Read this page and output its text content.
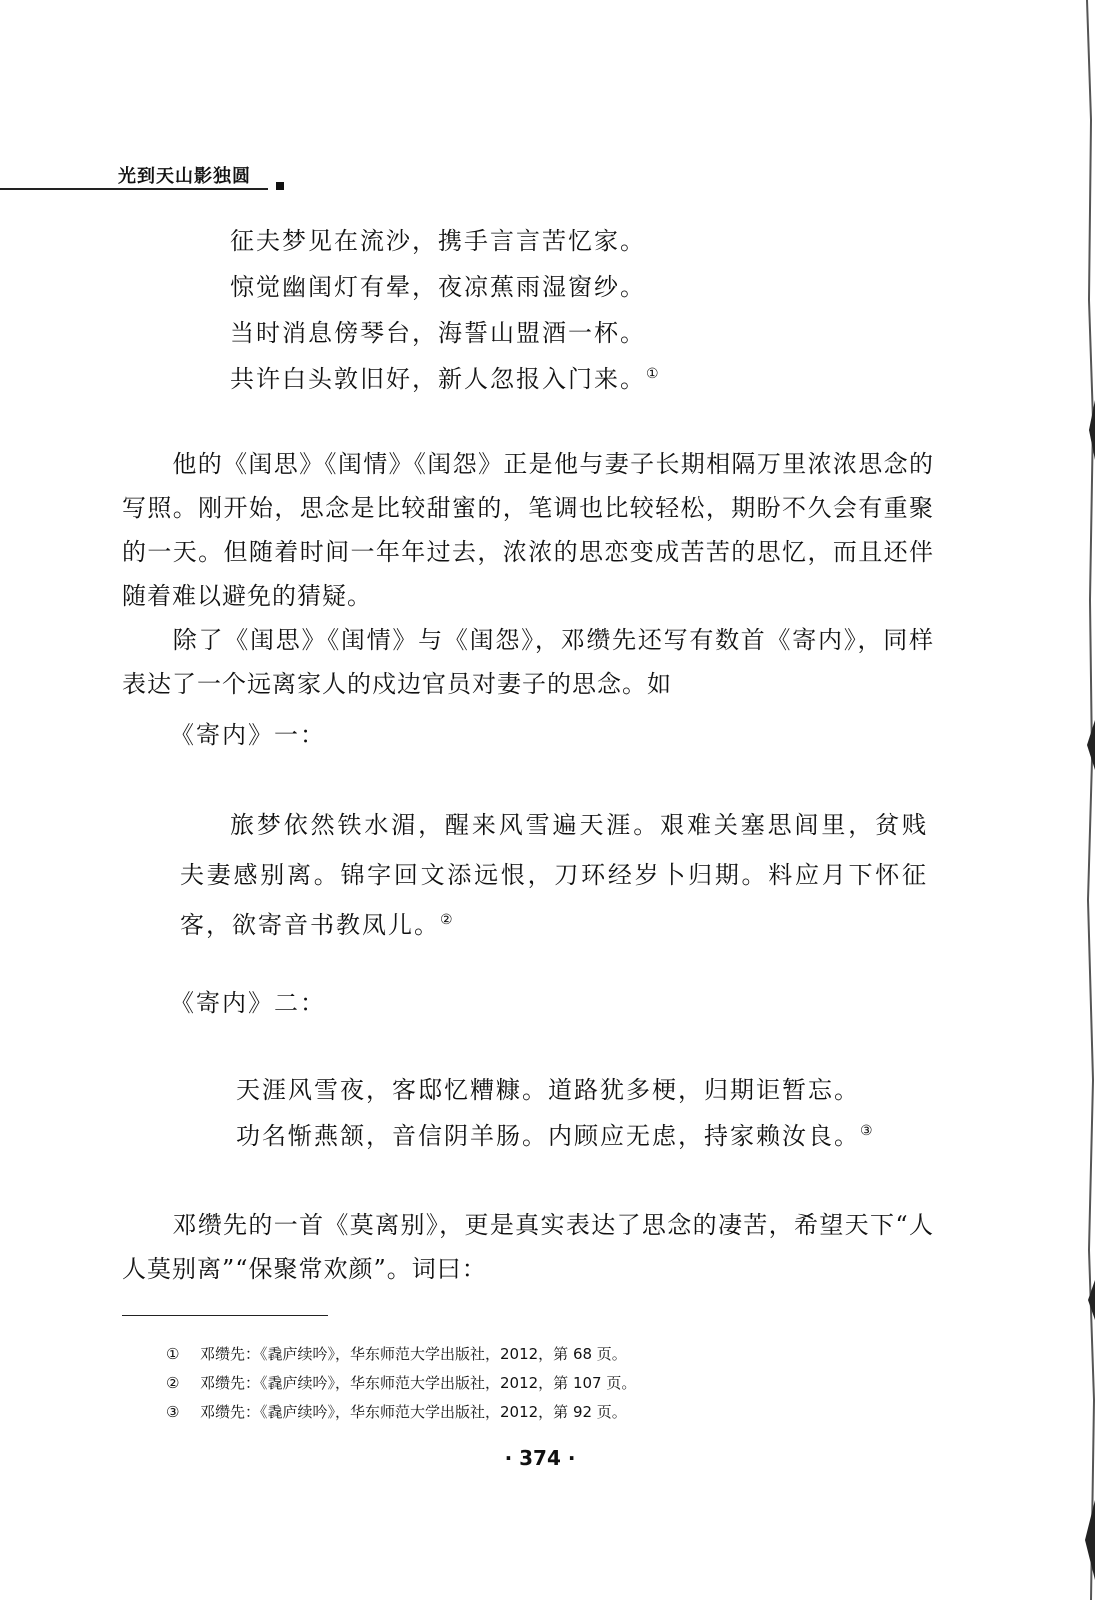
光到天山影独圆
征夫梦见在流沙，携手言言苦忆家。
惊觉幽闺灯有晕，夜凉蕉雨湿窗纱。
当时消息傍琴台，海誓山盟酒一杯。
共许白头敦旧好，新人忽报入门来。①
他的《闺思》《闺情》《闺怨》正是他与妻子长期相隔万里浓浓思念的写照。刚开始，思念是比较甜蜜的，笔调也比较轻松，期盼不久会有重聚的一天。但随着时间一年年过去，浓浓的思恋变成苦苦的思忆，而且还伴随着难以避免的猜疑。
除了《闺思》《闺情》与《闺怨》，邓缵先还写有数首《寄内》，同样表达了一个远离家人的戍边官员对妻子的思念。如
《寄内》一：
旅梦依然铁水湄，醒来风雪遍天涯。艰难关塞思闾里，贫贱夫妻感别离。锦字回文添远恨，刀环经岁卜归期。料应月下怀征客，欲寄音书教凤儿。②
《寄内》二：
天涯风雪夜，客邸忆糟糠。道路犹多梗，归期讵暂忘。
功名惭燕颔，音信阴羊肠。内顾应无虑，持家赖汝良。③
邓缵先的一首《莫离别》，更是真实表达了思念的凄苦，希望天下“人人莫别离”“保聚常欢颜”。词曰：
① 邓缵先：《毳庐续吟》，华东师范大学出版社，2012，第 68 页。
② 邓缵先：《毳庐续吟》，华东师范大学出版社，2012，第 107 页。
③ 邓缵先：《毳庐续吟》，华东师范大学出版社，2012，第 92 页。
· 374 ·
